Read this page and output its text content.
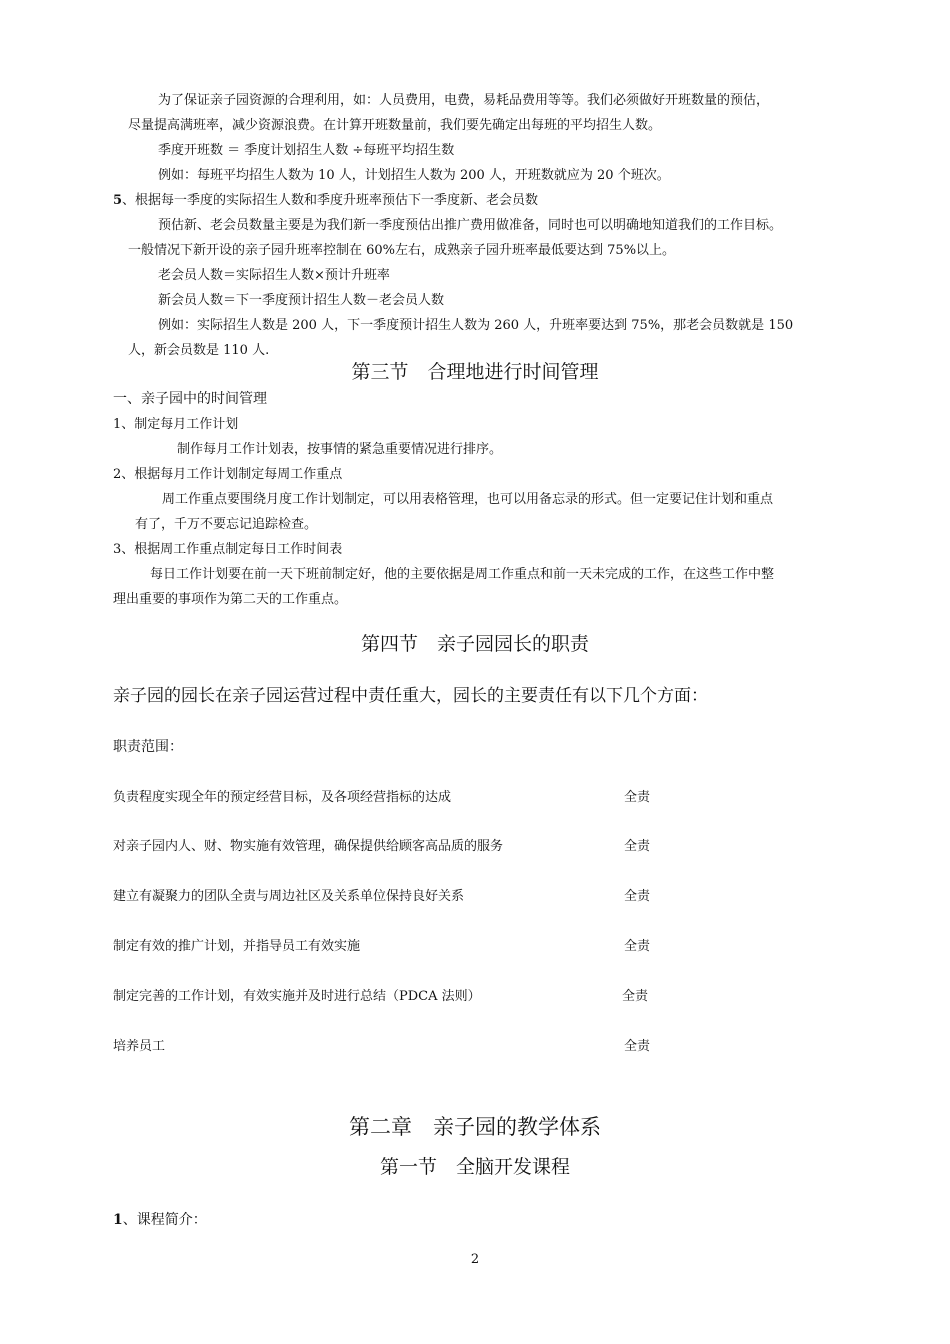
为了保证亲子园资源的合理利用，如：人员费用，电费，易耗品费用等等。我们必须做好开班数量的预估，
尽量提高满班率，减少资源浪费。在计算开班数量前，我们要先确定出每班的平均招生人数。
季度开班数 ＝ 季度计划招生人数 ÷每班平均招生数
例如：每班平均招生人数为 10 人，计划招生人数为 200 人，开班数就应为 20 个班次。
5、根据每一季度的实际招生人数和季度升班率预估下一季度新、老会员数
预估新、老会员数量主要是为我们新一季度预估出推广费用做准备，同时也可以明确地知道我们的工作目标。
一般情况下新开设的亲子园升班率控制在 60%左右，成熟亲子园升班率最低要达到 75%以上。
老会员人数＝实际招生人数×预计升班率
新会员人数＝下一季度预计招生人数－老会员人数
例如：实际招生人数是 200 人，下一季度预计招生人数为 260 人，升班率要达到 75%，那老会员数就是 150
人，新会员数是 110 人.
第三节　合理地进行时间管理
一、亲子园中的时间管理
1、制定每月工作计划
制作每月工作计划表，按事情的紧急重要情况进行排序。
2、根据每月工作计划制定每周工作重点
周工作重点要围绕月度工作计划制定，可以用表格管理，也可以用备忘录的形式。但一定要记住计划和重点
有了，千万不要忘记追踪检查。
3、根据周工作重点制定每日工作时间表
每日工作计划要在前一天下班前制定好，他的主要依据是周工作重点和前一天未完成的工作，在这些工作中整
理出重要的事项作为第二天的工作重点。
第四节　亲子园园长的职责
亲子园的园长在亲子园运营过程中责任重大，园长的主要责任有以下几个方面：
职责范围：
负责程度实现全年的预定经营目标，及各项经营指标的达成	全责
对亲子园内人、财、物实施有效管理，确保提供给顾客高品质的服务	全责
建立有凝聚力的团队全责与周边社区及关系单位保持良好关系	全责
制定有效的推广计划，并指导员工有效实施	全责
制定完善的工作计划，有效实施并及时进行总结（PDCA 法则）	全责
培养员工	全责
第二章　亲子园的教学体系
第一节　全脑开发课程
1、课程简介：
2
